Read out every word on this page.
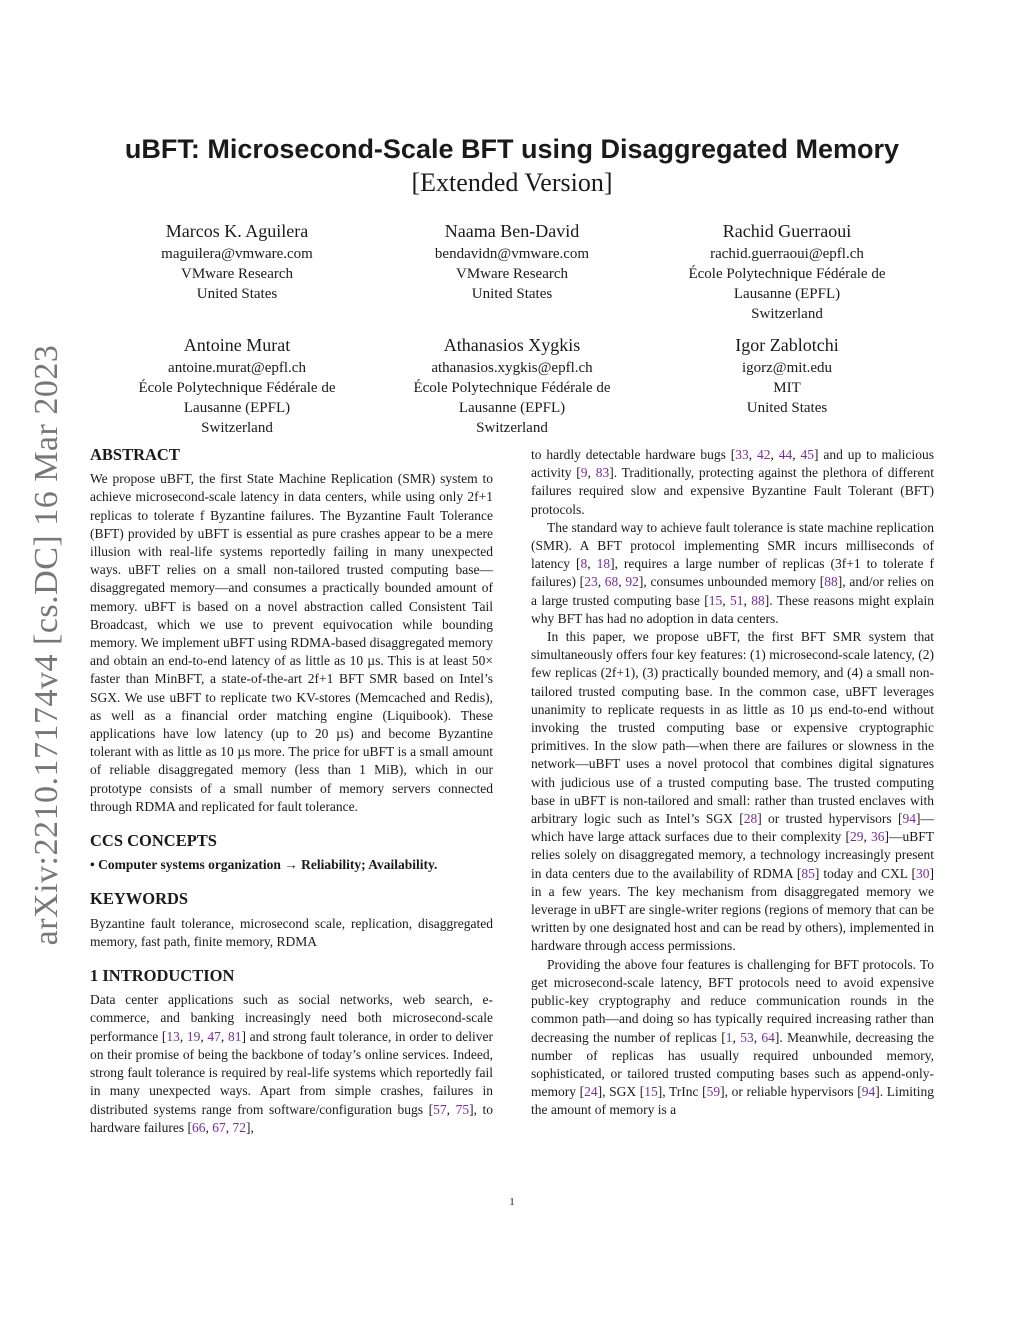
uBFT: Microsecond-Scale BFT using Disaggregated Memory
[Extended Version]
arXiv:2210.17174v4 [cs.DC] 16 Mar 2023
Marcos K. Aguilera
maguilera@vmware.com
VMware Research
United States
Naama Ben-David
bendavidn@vmware.com
VMware Research
United States
Rachid Guerraoui
rachid.guerraoui@epfl.ch
École Polytechnique Fédérale de
Lausanne (EPFL)
Switzerland
Antoine Murat
antoine.murat@epfl.ch
École Polytechnique Fédérale de
Lausanne (EPFL)
Switzerland
Athanasios Xygkis
athanasios.xygkis@epfl.ch
École Polytechnique Fédérale de
Lausanne (EPFL)
Switzerland
Igor Zablotchi
igorz@mit.edu
MIT
United States
ABSTRACT

We propose uBFT, the first State Machine Replication (SMR) system to achieve microsecond-scale latency in data centers, while using only 2f+1 replicas to tolerate f Byzantine failures. The Byzantine Fault Tolerance (BFT) provided by uBFT is essential as pure crashes appear to be a mere illusion with real-life systems reportedly failing in many unexpected ways. uBFT relies on a small non-tailored trusted computing base—disaggregated memory—and consumes a practically bounded amount of memory. uBFT is based on a novel abstraction called Consistent Tail Broadcast, which we use to prevent equivocation while bounding memory. We implement uBFT using RDMA-based disaggregated memory and obtain an end-to-end latency of as little as 10 µs. This is at least 50× faster than MinBFT, a state-of-the-art 2f+1 BFT SMR based on Intel’s SGX. We use uBFT to replicate two KV-stores (Memcached and Redis), as well as a financial order matching engine (Liquibook). These applications have low latency (up to 20 µs) and become Byzantine tolerant with as little as 10 µs more. The price for uBFT is a small amount of reliable disaggregated memory (less than 1 MiB), which in our prototype consists of a small number of memory servers connected through RDMA and replicated for fault tolerance.

CCS CONCEPTS

• Computer systems organization → Reliability; Availability.

KEYWORDS

Byzantine fault tolerance, microsecond scale, replication, disaggregated memory, fast path, finite memory, RDMA

1 INTRODUCTION

Data center applications such as social networks, web search, e-commerce, and banking increasingly need both microsecond-scale performance [13, 19, 47, 81] and strong fault tolerance, in order to deliver on their promise of being the backbone of today’s online services. Indeed, strong fault tolerance is required by real-life systems which reportedly fail in many unexpected ways. Apart from simple crashes, failures in distributed systems range from software/configuration bugs [57, 75], to hardware failures [66, 67, 72],

to hardly detectable hardware bugs [33, 42, 44, 45] and up to malicious activity [9, 83]. Traditionally, protecting against the plethora of different failures required slow and expensive Byzantine Fault Tolerant (BFT) protocols.

The standard way to achieve fault tolerance is state machine replication (SMR). A BFT protocol implementing SMR incurs milliseconds of latency [8, 18], requires a large number of replicas (3f+1 to tolerate f failures) [23, 68, 92], consumes unbounded memory [88], and/or relies on a large trusted computing base [15, 51, 88]. These reasons might explain why BFT has had no adoption in data centers.

In this paper, we propose uBFT, the first BFT SMR system that simultaneously offers four key features: (1) microsecond-scale latency, (2) few replicas (2f+1), (3) practically bounded memory, and (4) a small non-tailored trusted computing base. In the common case, uBFT leverages unanimity to replicate requests in as little as 10 µs end-to-end without invoking the trusted computing base or expensive cryptographic primitives. In the slow path—when there are failures or slowness in the network—uBFT uses a novel protocol that combines digital signatures with judicious use of a trusted computing base. The trusted computing base in uBFT is non-tailored and small: rather than trusted enclaves with arbitrary logic such as Intel’s SGX [28] or trusted hypervisors [94]—which have large attack surfaces due to their complexity [29, 36]—uBFT relies solely on disaggregated memory, a technology increasingly present in data centers due to the availability of RDMA [85] today and CXL [30] in a few years. The key mechanism from disaggregated memory we leverage in uBFT are single-writer regions (regions of memory that can be written by one designated host and can be read by others), implemented in hardware through access permissions.

Providing the above four features is challenging for BFT protocols. To get microsecond-scale latency, BFT protocols need to avoid expensive public-key cryptography and reduce communication rounds in the common path—and doing so has typically required increasing rather than decreasing the number of replicas [1, 53, 64]. Meanwhile, decreasing the number of replicas has usually required unbounded memory, sophisticated, or tailored trusted computing bases such as append-only-memory [24], SGX [15], TrInc [59], or reliable hypervisors [94]. Limiting the amount of memory is a

1
